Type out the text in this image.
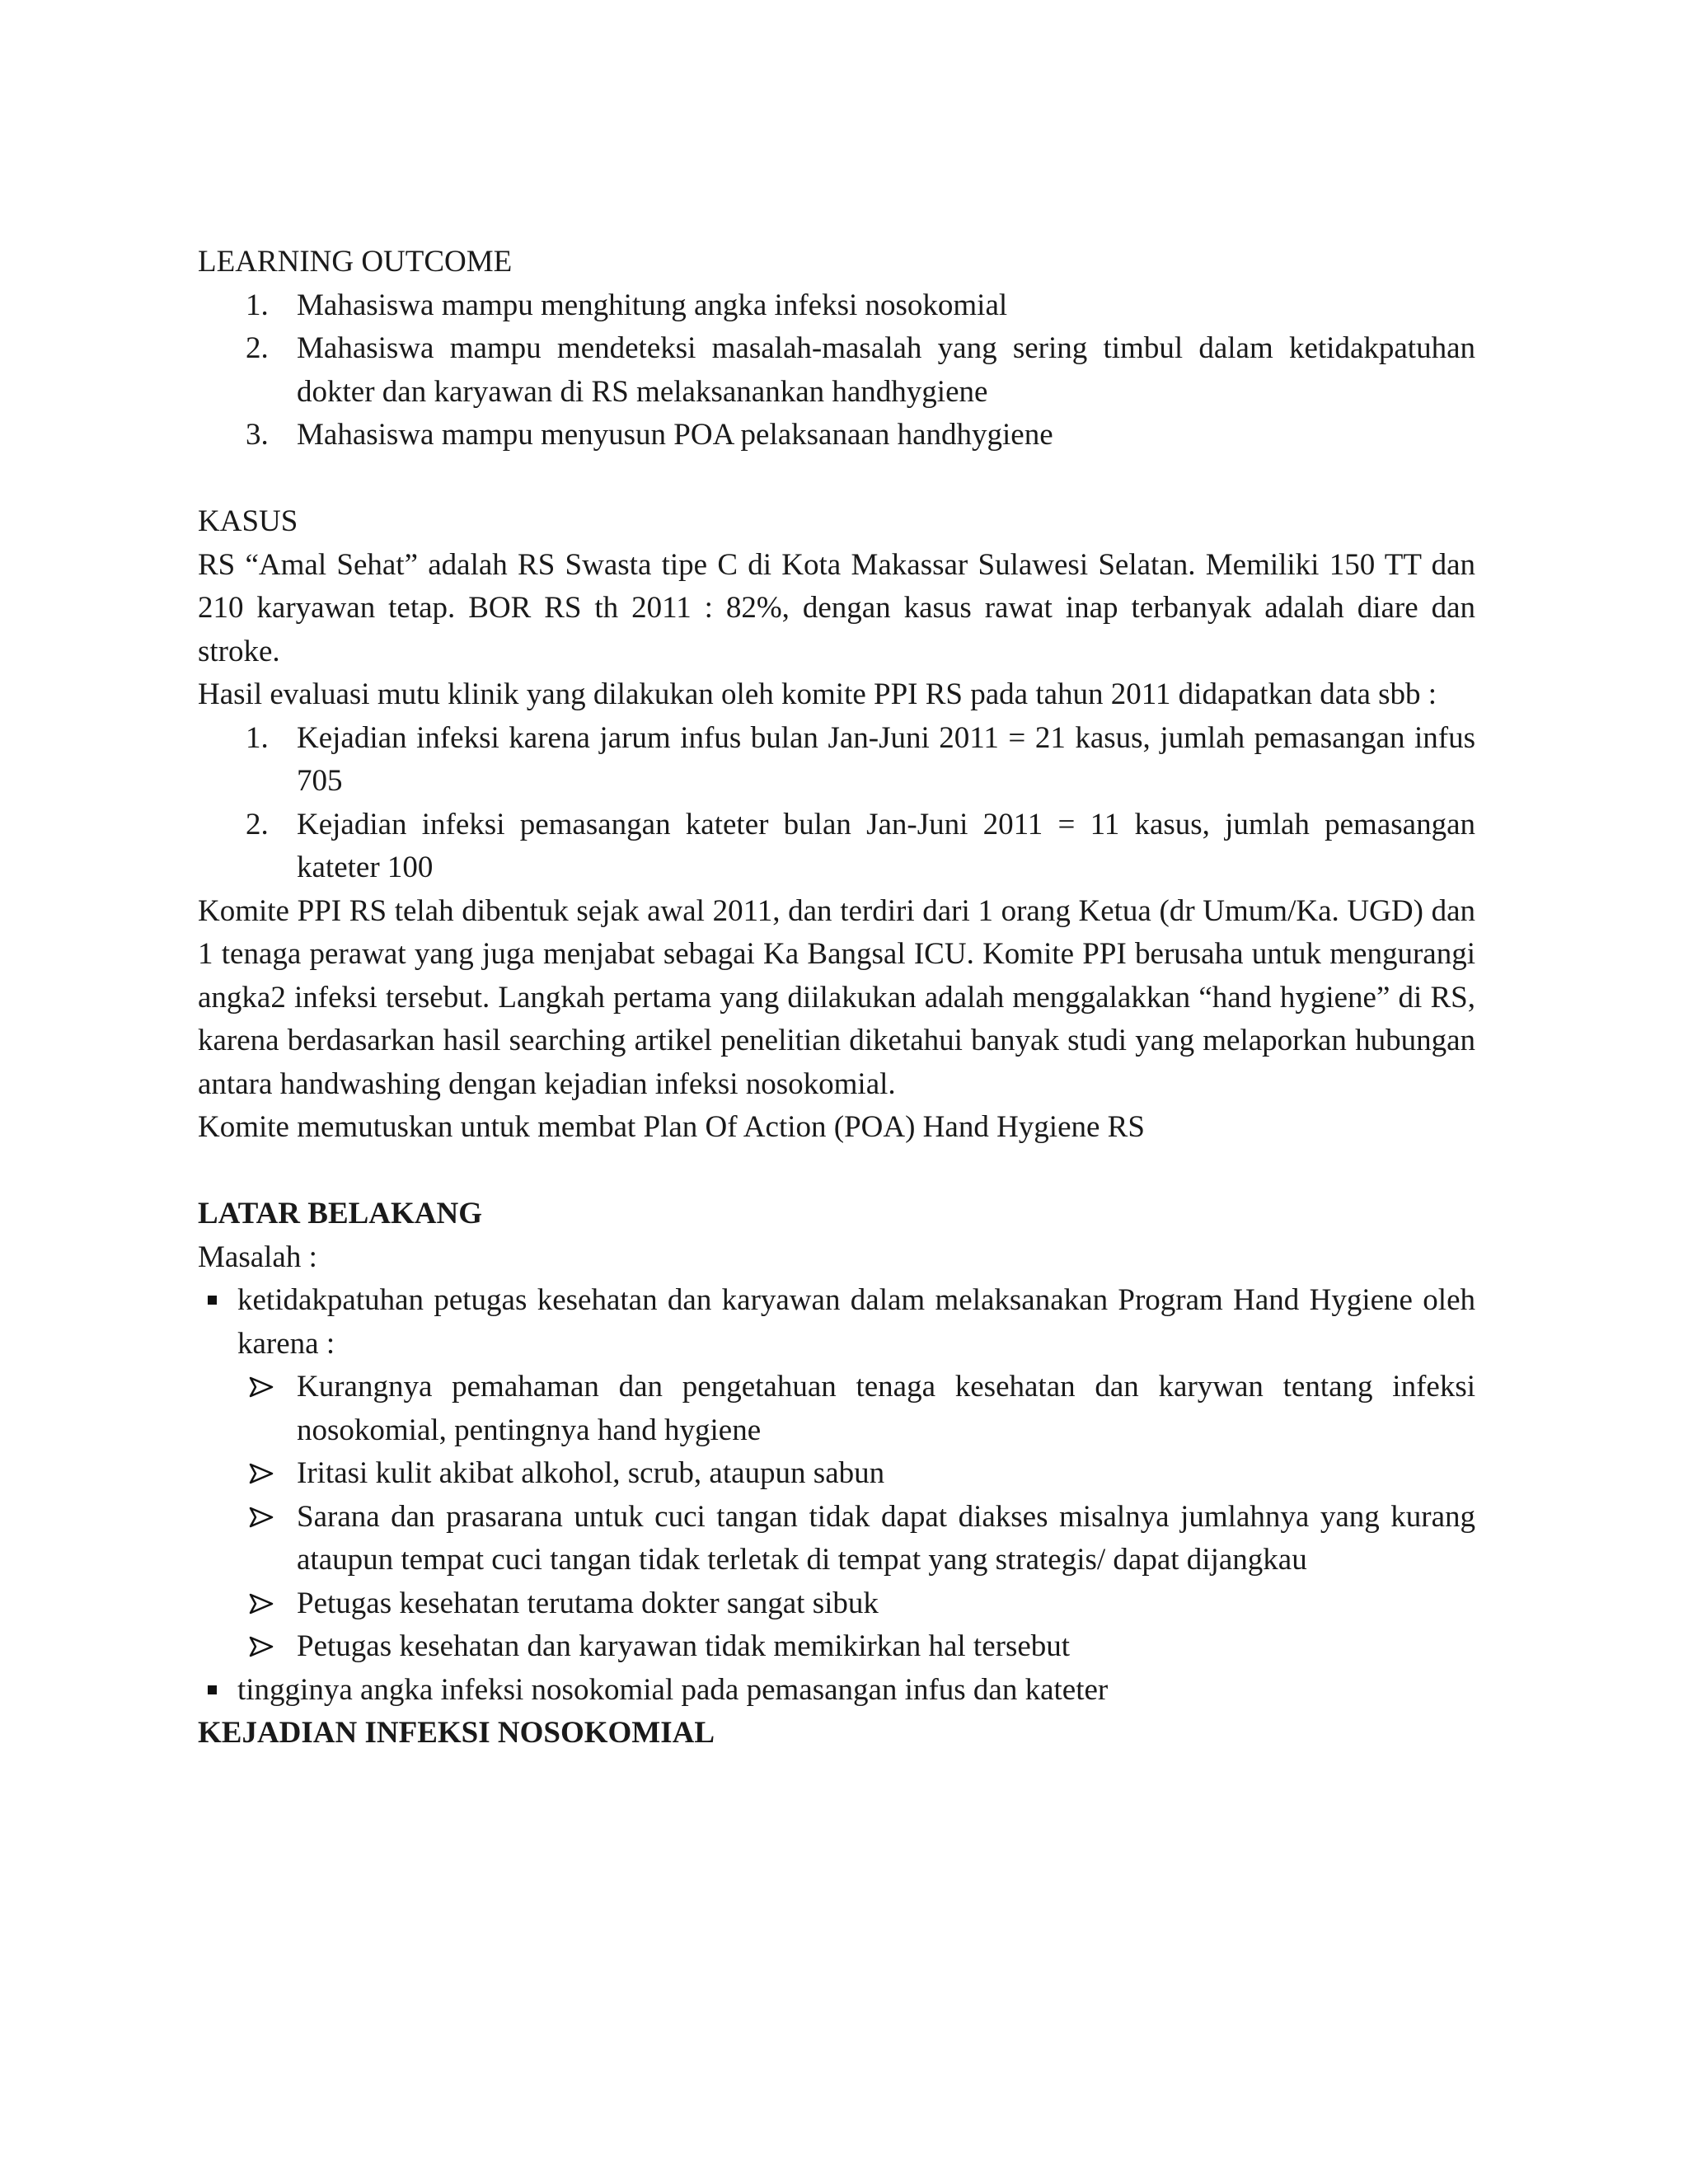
LEARNING OUTCOME

1. Mahasiswa mampu menghitung angka infeksi nosokomial
2. Mahasiswa mampu mendeteksi masalah-masalah yang sering timbul dalam ketidakpatuhan dokter dan karyawan di RS melaksanankan handhygiene
3. Mahasiswa mampu menyusun POA pelaksanaan handhygiene

KASUS

RS “Amal Sehat” adalah RS Swasta tipe C di Kota Makassar Sulawesi Selatan. Memiliki 150 TT dan 210 karyawan tetap. BOR RS th 2011 : 82%, dengan kasus rawat inap terbanyak adalah diare dan stroke.

Hasil evaluasi mutu klinik yang dilakukan oleh komite PPI RS pada tahun 2011 didapatkan data sbb :

1. Kejadian infeksi karena jarum infus bulan Jan-Juni 2011 = 21 kasus, jumlah pemasangan infus 705
2. Kejadian infeksi pemasangan kateter bulan Jan-Juni 2011 = 11 kasus, jumlah pemasangan kateter 100

Komite PPI RS telah dibentuk sejak awal 2011, dan terdiri dari 1 orang Ketua (dr Umum/Ka. UGD) dan 1 tenaga perawat yang juga menjabat sebagai Ka Bangsal ICU. Komite PPI berusaha untuk mengurangi angka2 infeksi tersebut. Langkah pertama yang diilakukan adalah menggalakkan “hand hygiene” di RS, karena berdasarkan hasil searching artikel penelitian diketahui banyak studi yang melaporkan hubungan antara handwashing dengan kejadian infeksi nosokomial.

Komite memutuskan untuk membat Plan Of Action (POA) Hand Hygiene RS

LATAR BELAKANG

Masalah :

ketidakpatuhan petugas kesehatan dan karyawan dalam melaksanakan Program Hand Hygiene oleh karena :
Kurangnya pemahaman dan pengetahuan tenaga kesehatan dan karywan tentang infeksi nosokomial, pentingnya hand hygiene
Iritasi kulit akibat alkohol, scrub, ataupun sabun
Sarana dan prasarana untuk cuci tangan tidak dapat diakses misalnya jumlahnya yang kurang ataupun tempat cuci tangan tidak terletak di tempat yang strategis/ dapat dijangkau
Petugas kesehatan terutama dokter sangat sibuk
Petugas kesehatan dan karyawan tidak memikirkan hal tersebut
tingginya angka infeksi nosokomial pada pemasangan infus dan kateter

KEJADIAN INFEKSI NOSOKOMIAL
